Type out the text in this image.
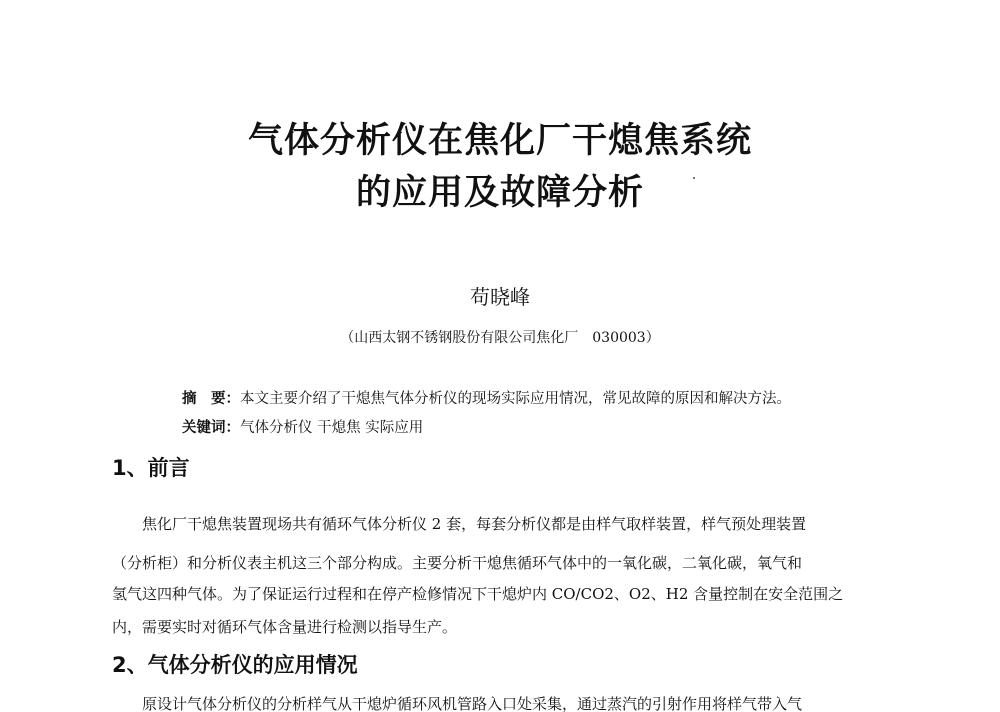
气体分析仪在焦化厂干熄焦系统
的应用及故障分析
苟晓峰
（山西太钢不锈钢股份有限公司焦化厂　030003）
摘　要：本文主要介绍了干熄焦气体分析仪的现场实际应用情况，常见故障的原因和解决方法。
关键词：气体分析仪 干熄焦 实际应用
1、前言
焦化厂干熄焦装置现场共有循环气体分析仪 2 套，每套分析仪都是由样气取样装置，样气预处理装置
（分析柜）和分析仪表主机这三个部分构成。主要分析干熄焦循环气体中的一氧化碳，二氧化碳，氧气和
氢气这四种气体。为了保证运行过程和在停产检修情况下干熄炉内 CO/CO2、O2、H2 含量控制在安全范围之
内，需要实时对循环气体含量进行检测以指导生产。
2、气体分析仪的应用情况
原设计气体分析仪的分析样气从干熄炉循环风机管路入口处采集，通过蒸汽的引射作用将样气带入气
